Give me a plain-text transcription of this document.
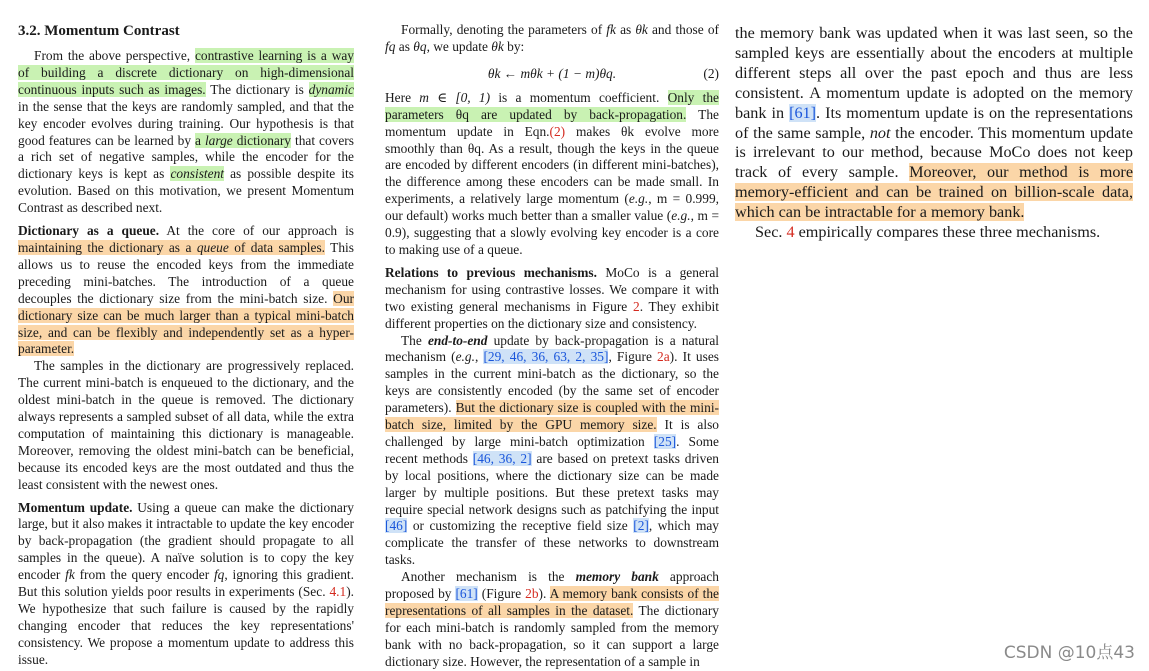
3.2. Momentum Contrast

From the above perspective, contrastive learning is a way of building a discrete dictionary on high-dimensional continuous inputs such as images. The dictionary is dynamic in the sense that the keys are randomly sampled, and that the key encoder evolves during training. Our hypothesis is that good features can be learned by a large dictionary that covers a rich set of negative samples, while the encoder for the dictionary keys is kept as consistent as possible despite its evolution. Based on this motivation, we present Momentum Contrast as described next.

Dictionary as a queue. At the core of our approach is maintaining the dictionary as a queue of data samples. This allows us to reuse the encoded keys from the immediate preceding mini-batches. The introduction of a queue decouples the dictionary size from the mini-batch size. Our dictionary size can be much larger than a typical mini-batch size, and can be flexibly and independently set as a hyper-parameter.

The samples in the dictionary are progressively replaced. The current mini-batch is enqueued to the dictionary, and the oldest mini-batch in the queue is removed. The dictionary always represents a sampled subset of all data, while the extra computation of maintaining this dictionary is manageable. Moreover, removing the oldest mini-batch can be beneficial, because its encoded keys are the most outdated and thus the least consistent with the newest ones.

Momentum update. Using a queue can make the dictionary large, but it also makes it intractable to update the key encoder by back-propagation (the gradient should propagate to all samples in the queue). A naïve solution is to copy the key encoder fk from the query encoder fq, ignoring this gradient. But this solution yields poor results in experiments (Sec. 4.1). We hypothesize that such failure is caused by the rapidly changing encoder that reduces the key representations' consistency. We propose a momentum update to address this issue.

Formally, denoting the parameters of fk as θk and those of fq as θq, we update θk by:

θk ← mθk + (1 − m)θq.	(2)

Here m ∈ [0, 1) is a momentum coefficient. Only the parameters θq are updated by back-propagation. The momentum update in Eqn.(2) makes θk evolve more smoothly than θq. As a result, though the keys in the queue are encoded by different encoders (in different mini-batches), the difference among these encoders can be made small. In experiments, a relatively large momentum (e.g., m = 0.999, our default) works much better than a smaller value (e.g., m = 0.9), suggesting that a slowly evolving key encoder is a core to making use of a queue.

Relations to previous mechanisms. MoCo is a general mechanism for using contrastive losses. We compare it with two existing general mechanisms in Figure 2. They exhibit different properties on the dictionary size and consistency.

The end-to-end update by back-propagation is a natural mechanism (e.g., [29, 46, 36, 63, 2, 35], Figure 2a). It uses samples in the current mini-batch as the dictionary, so the keys are consistently encoded (by the same set of encoder parameters). But the dictionary size is coupled with the mini-batch size, limited by the GPU memory size. It is also challenged by large mini-batch optimization [25]. Some recent methods [46, 36, 2] are based on pretext tasks driven by local positions, where the dictionary size can be made larger by multiple positions. But these pretext tasks may require special network designs such as patchifying the input [46] or customizing the receptive field size [2], which may complicate the transfer of these networks to downstream tasks.

Another mechanism is the memory bank approach proposed by [61] (Figure 2b). A memory bank consists of the representations of all samples in the dataset. The dictionary for each mini-batch is randomly sampled from the memory bank with no back-propagation, so it can support a large dictionary size. However, the representation of a sample in

the memory bank was updated when it was last seen, so the sampled keys are essentially about the encoders at multiple different steps all over the past epoch and thus are less consistent. A momentum update is adopted on the memory bank in [61]. Its momentum update is on the representations of the same sample, not the encoder. This momentum update is irrelevant to our method, because MoCo does not keep track of every sample. Moreover, our method is more memory-efficient and can be trained on billion-scale data, which can be intractable for a memory bank.

Sec. 4 empirically compares these three mechanisms.

CSDN @10点43
